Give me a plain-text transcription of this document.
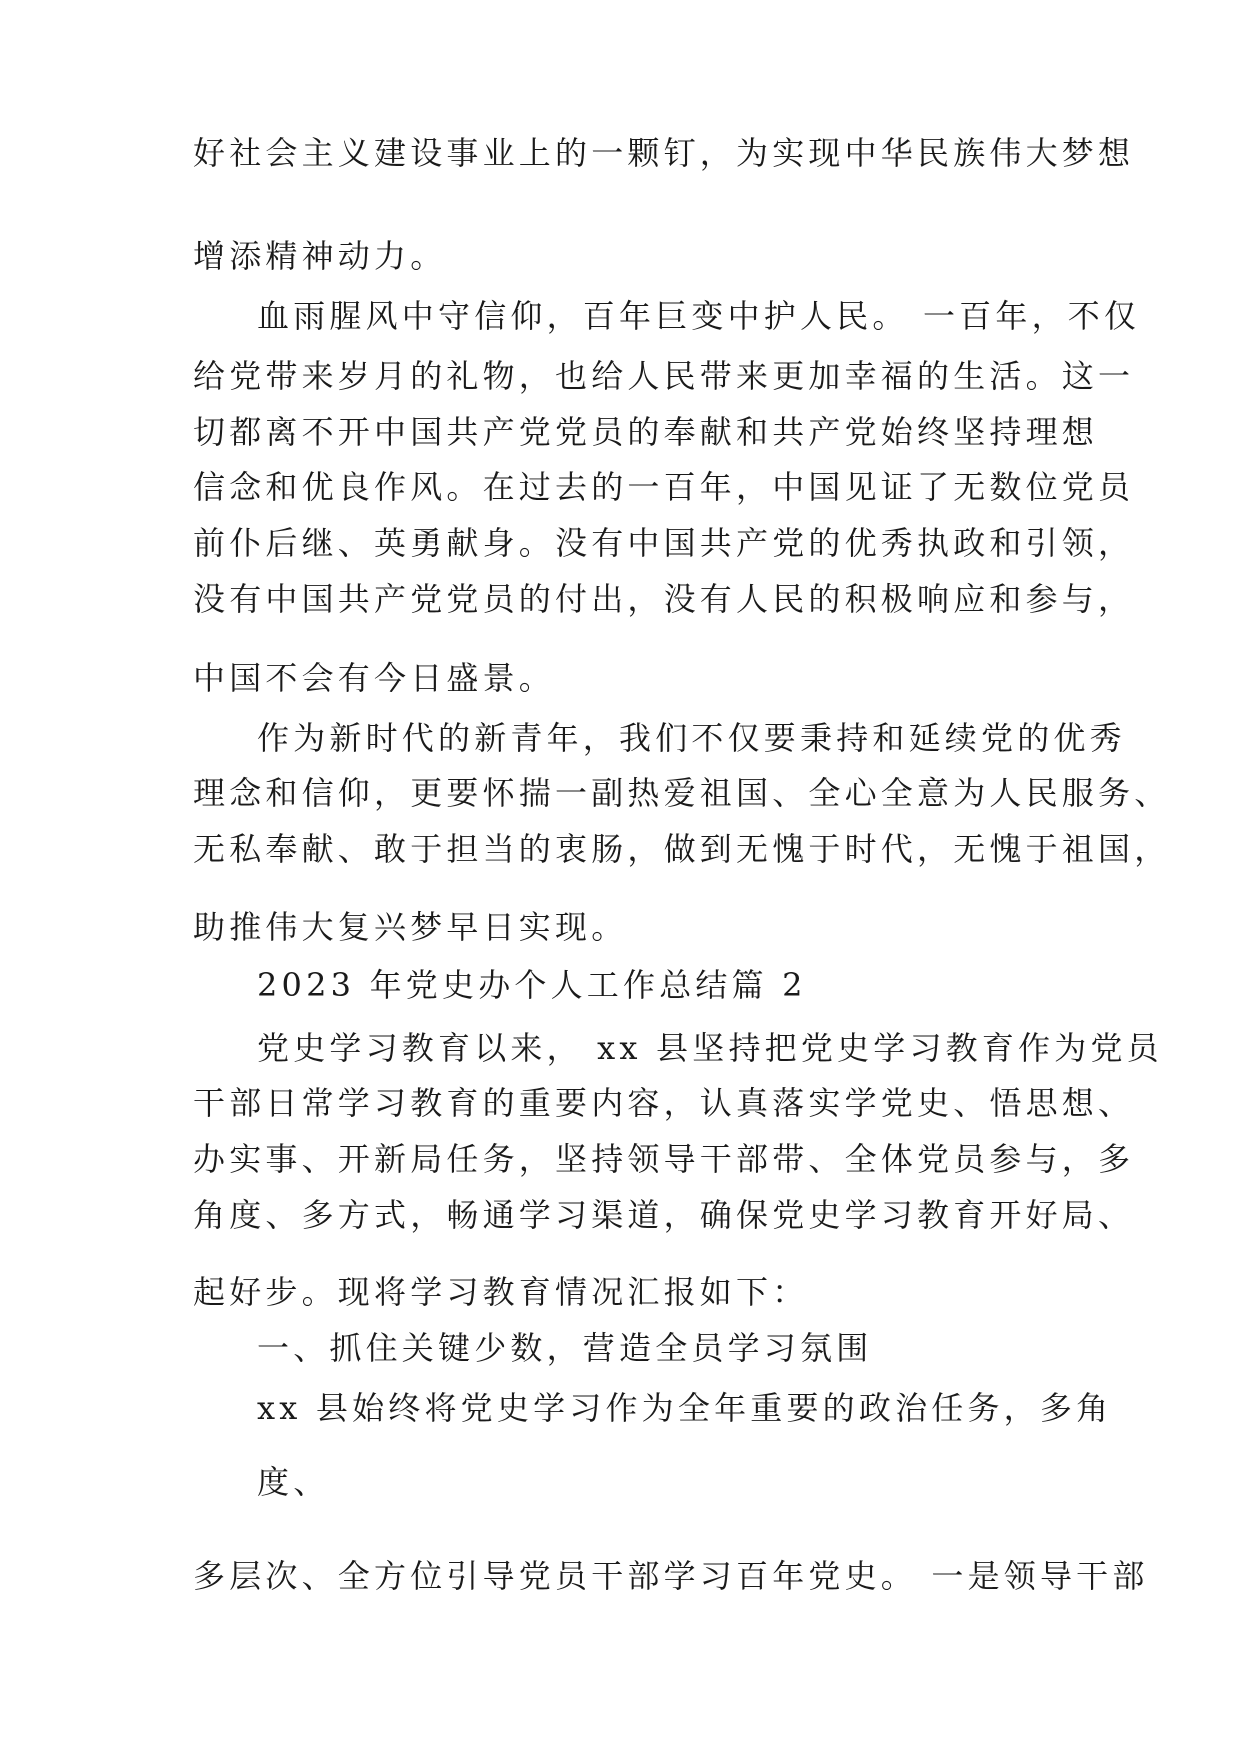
好社会主义建设事业上的一颗钉，为实现中华民族伟大梦想
增添精神动力。
血雨腥风中守信仰，百年巨变中护人民。 一百年，不仅
给党带来岁月的礼物，也给人民带来更加幸福的生活。这一
切都离不开中国共产党党员的奉献和共产党始终坚持理想
信念和优良作风。在过去的一百年，中国见证了无数位党员
前仆后继、英勇献身。没有中国共产党的优秀执政和引领，
没有中国共产党党员的付出，没有人民的积极响应和参与，
中国不会有今日盛景。
作为新时代的新青年，我们不仅要秉持和延续党的优秀
理念和信仰，更要怀揣一副热爱祖国、全心全意为人民服务、
无私奉献、敢于担当的衷肠，做到无愧于时代，无愧于祖国，
助推伟大复兴梦早日实现。
2023 年党史办个人工作总结篇 2
党史学习教育以来， xx 县坚持把党史学习教育作为党员
干部日常学习教育的重要内容，认真落实学党史、悟思想、
办实事、开新局任务，坚持领导干部带、全体党员参与，多
角度、多方式，畅通学习渠道，确保党史学习教育开好局、
起好步。现将学习教育情况汇报如下：
一、抓住关键少数，营造全员学习氛围
xx 县始终将党史学习作为全年重要的政治任务，多角
度、
多层次、全方位引导党员干部学习百年党史。 一是领导干部
